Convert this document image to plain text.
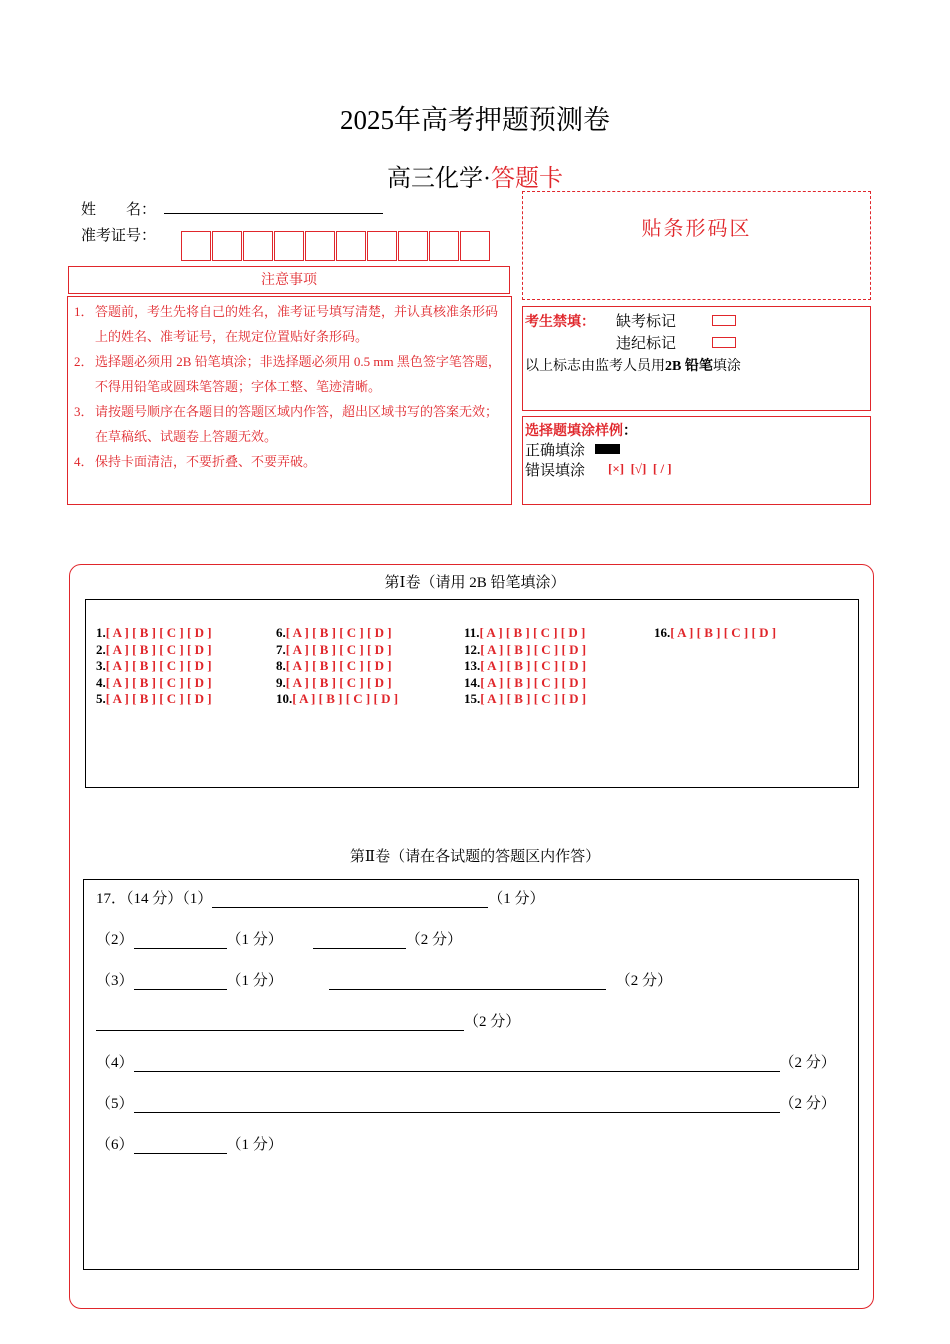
2025年高考押题预测卷
高三化学·答题卡
姓　　名：
准考证号：
注意事项
1． 答题前，考生先将自己的姓名，准考证号填写清楚，并认真核准条形码上的姓名、准考证号，在规定位置贴好条形码。
2． 选择题必须用 2B 铅笔填涂；非选择题必须用 0.5 mm 黑色签字笔答题，不得用铅笔或圆珠笔答题；字体工整、笔迹清晰。
3． 请按题号顺序在各题目的答题区域内作答，超出区域书写的答案无效；在草稿纸、试题卷上答题无效。
4． 保持卡面清洁，不要折叠、不要弄破。
贴条形码区
考生禁填： 缺考标记
违纪标记
以上标志由监考人员用2B 铅笔填涂
选择题填涂样例：
正确填涂
错误填涂 [×]  [√]  [ / ]
第Ⅰ卷（请用 2B 铅笔填涂）
1.[ A ] [ B ] [ C ] [ D ]
2.[ A ] [ B ] [ C ] [ D ]
3.[ A ] [ B ] [ C ] [ D ]
4.[ A ] [ B ] [ C ] [ D ]
5.[ A ] [ B ] [ C ] [ D ]
6.[ A ] [ B ] [ C ] [ D ]
7.[ A ] [ B ] [ C ] [ D ]
8.[ A ] [ B ] [ C ] [ D ]
9.[ A ] [ B ] [ C ] [ D ]
10.[ A ] [ B ] [ C ] [ D ]
11.[ A ] [ B ] [ C ] [ D ]
12.[ A ] [ B ] [ C ] [ D ]
13.[ A ] [ B ] [ C ] [ D ]
14.[ A ] [ B ] [ C ] [ D ]
15.[ A ] [ B ] [ C ] [ D ]
16.[ A ] [ B ] [ C ] [ D ]
第Ⅱ卷（请在各试题的答题区内作答）
17．（14 分）（1）	（1 分）
（2）	（1 分）	（2 分）
（3）	（1 分）	（2 分）
（2 分）
（4）	（2 分）
（5）	（2 分）
（6）	（1 分）
